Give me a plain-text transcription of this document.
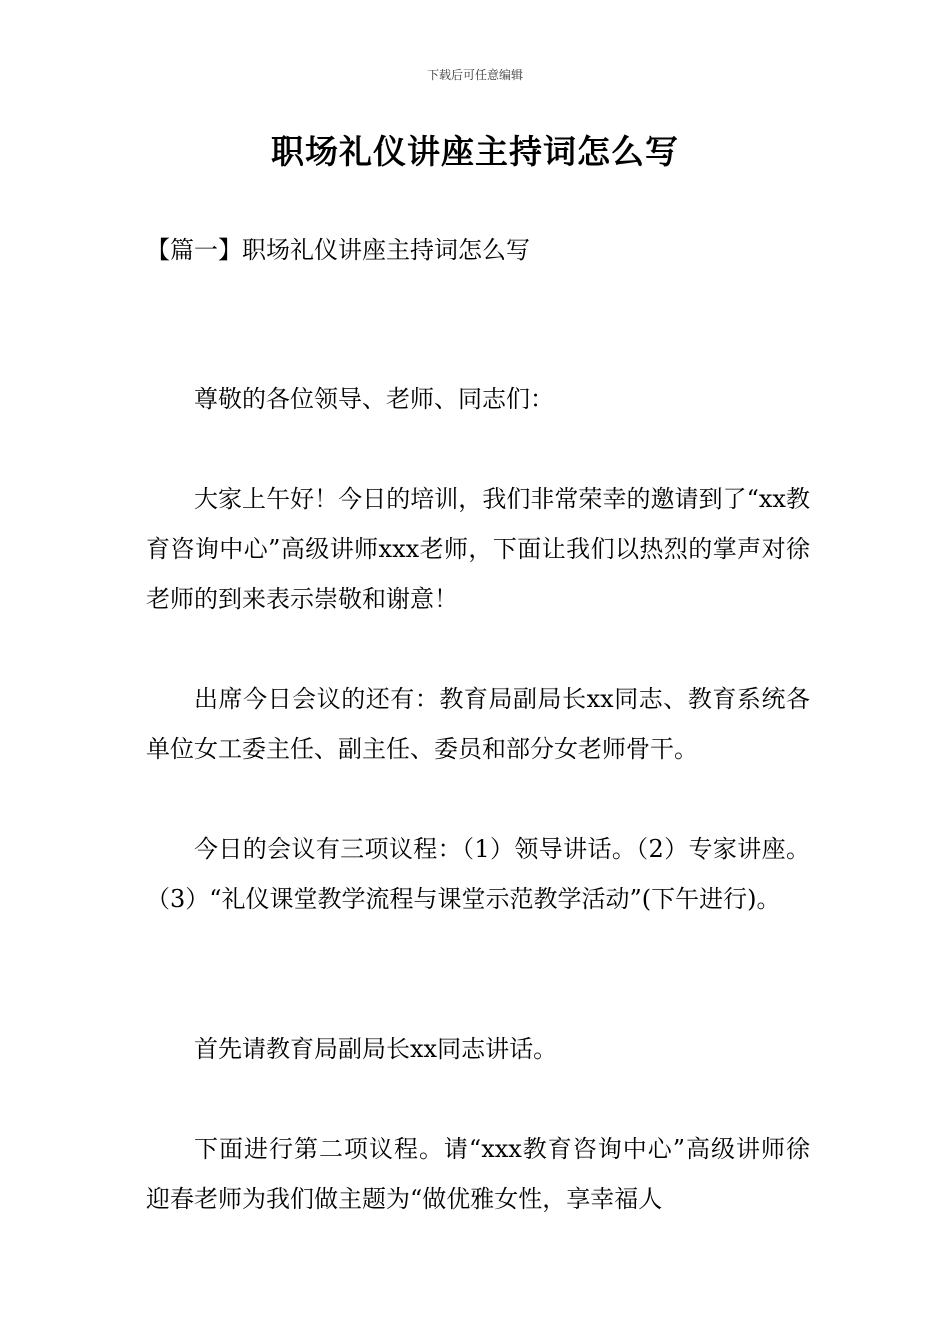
下载后可任意编辑
职场礼仪讲座主持词怎么写
【篇一】职场礼仪讲座主持词怎么写

尊敬的各位领导、老师、同志们：

大家上午好！今日的培训，我们非常荣幸的邀请到了“xx教育咨询中心”高级讲师xxx老师，下面让我们以热烈的掌声对徐老师的到来表示崇敬和谢意！

出席今日会议的还有：教育局副局长xx同志、教育系统各单位女工委主任、副主任、委员和部分女老师骨干。

今日的会议有三项议程：（1）领导讲话。（2）专家讲座。（3）“礼仪课堂教学流程与课堂示范教学活动”(下午进行)。

首先请教育局副局长xx同志讲话。

下面进行第二项议程。请“xxx教育咨询中心”高级讲师徐迎春老师为我们做主题为“做优雅女性，享幸福人
